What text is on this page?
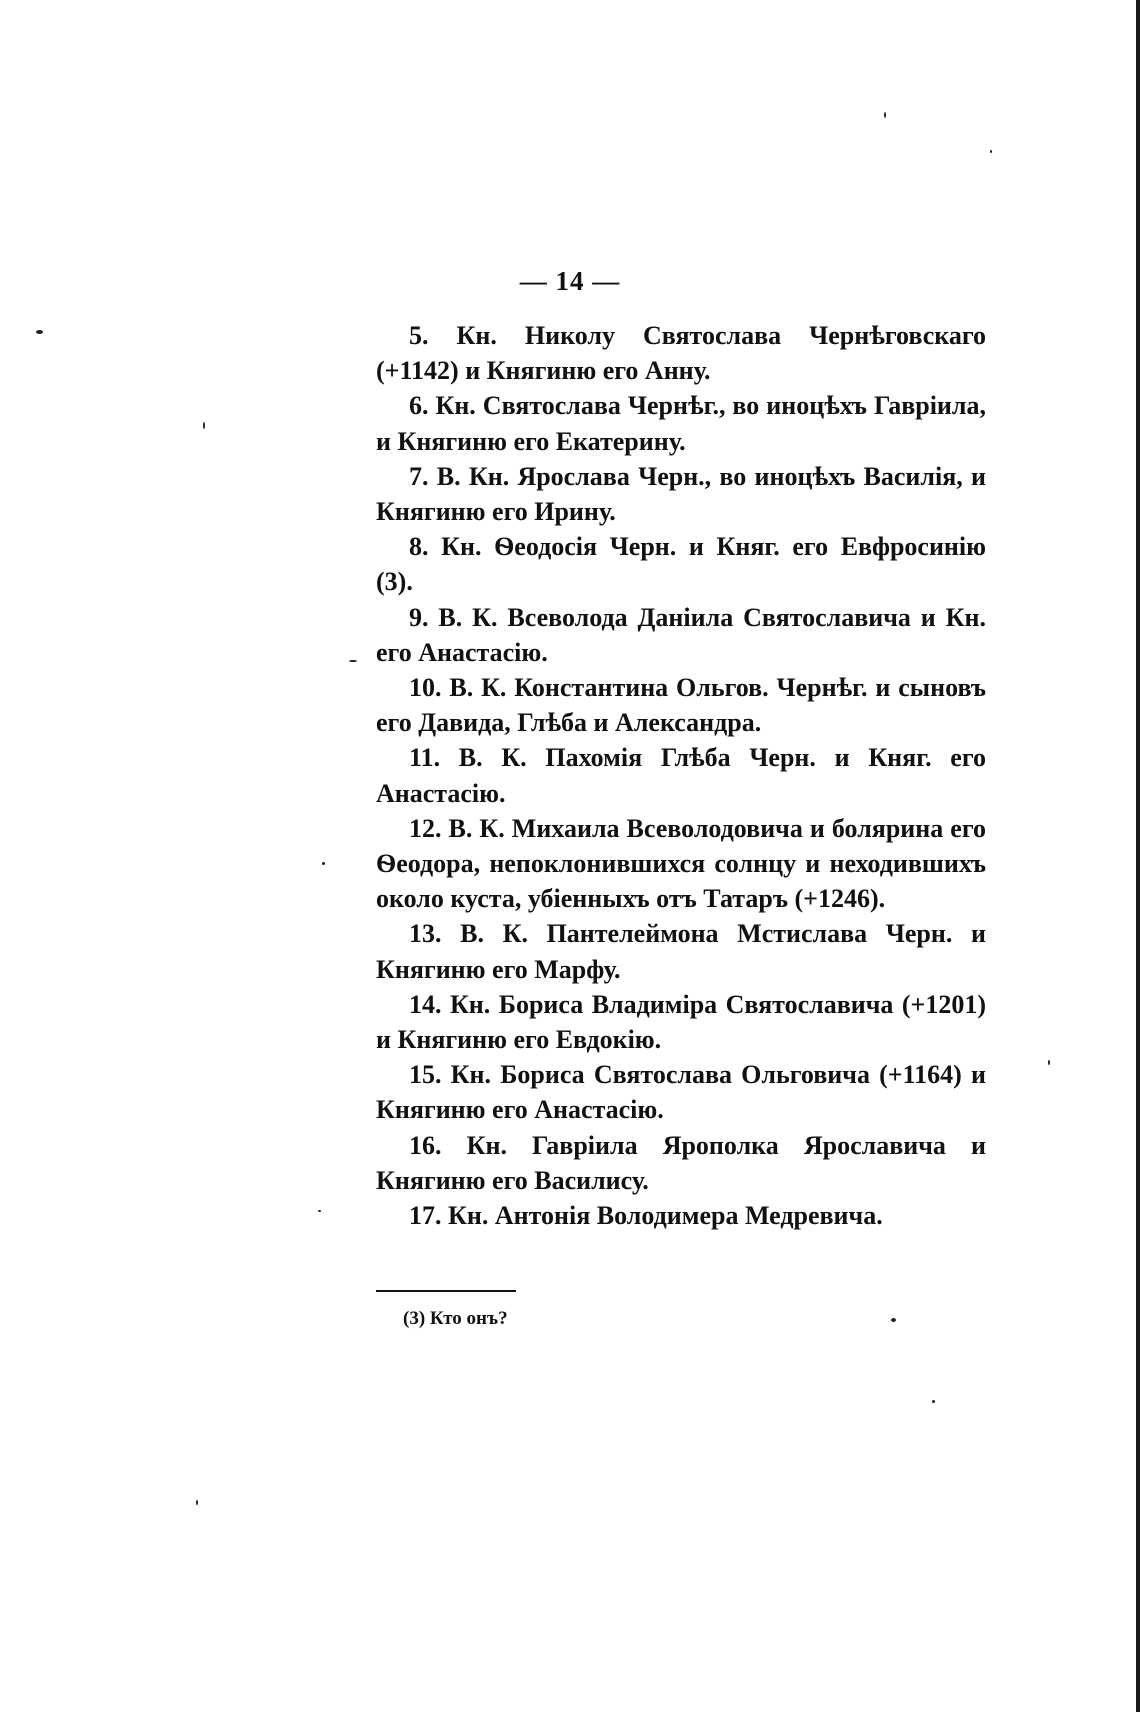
— 14 —

5. Кн. Николу Святослава Чернѣговскаго (+1142) и Княгиню его Анну.

6. Кн. Святослава Чернѣг., во иноцѣхъ Гавріила, и Княгиню его Екатерину.

7. В. Кн. Ярослава Черн., во иноцѣхъ Василія, и Княгиню его Ирину.

8. Кн. Ѳеодосія Черн. и Княг. его Евфросинію (3).

9. В. К. Всеволода Даніила Святославича и Кн. его Анастасію.

10. В. К. Константина Ольгов. Чернѣг. и сыновъ его Давида, Глѣба и Александра.

11. В. К. Пахомія Глѣба Черн. и Княг. его Анастасію.

12. В. К. Михаила Всеволодовича и болярина его Ѳеодора, непоклонившихся солнцу и неходившихъ около куста, убіенныхъ отъ Татаръ (+1246).

13. В. К. Пантелеймона Мстислава Черн. и Княгиню его Марфу.

14. Кн. Бориса Владиміра Святославича (+1201) и Княгиню его Евдокію.

15. Кн. Бориса Святослава Ольговича (+1164) и Княгиню его Анастасію.

16. Кн. Гавріила Ярополка Ярославича и Княгиню его Василису.

17. Кн. Антонія Володимера Медревича.

(3) Кто онъ?
